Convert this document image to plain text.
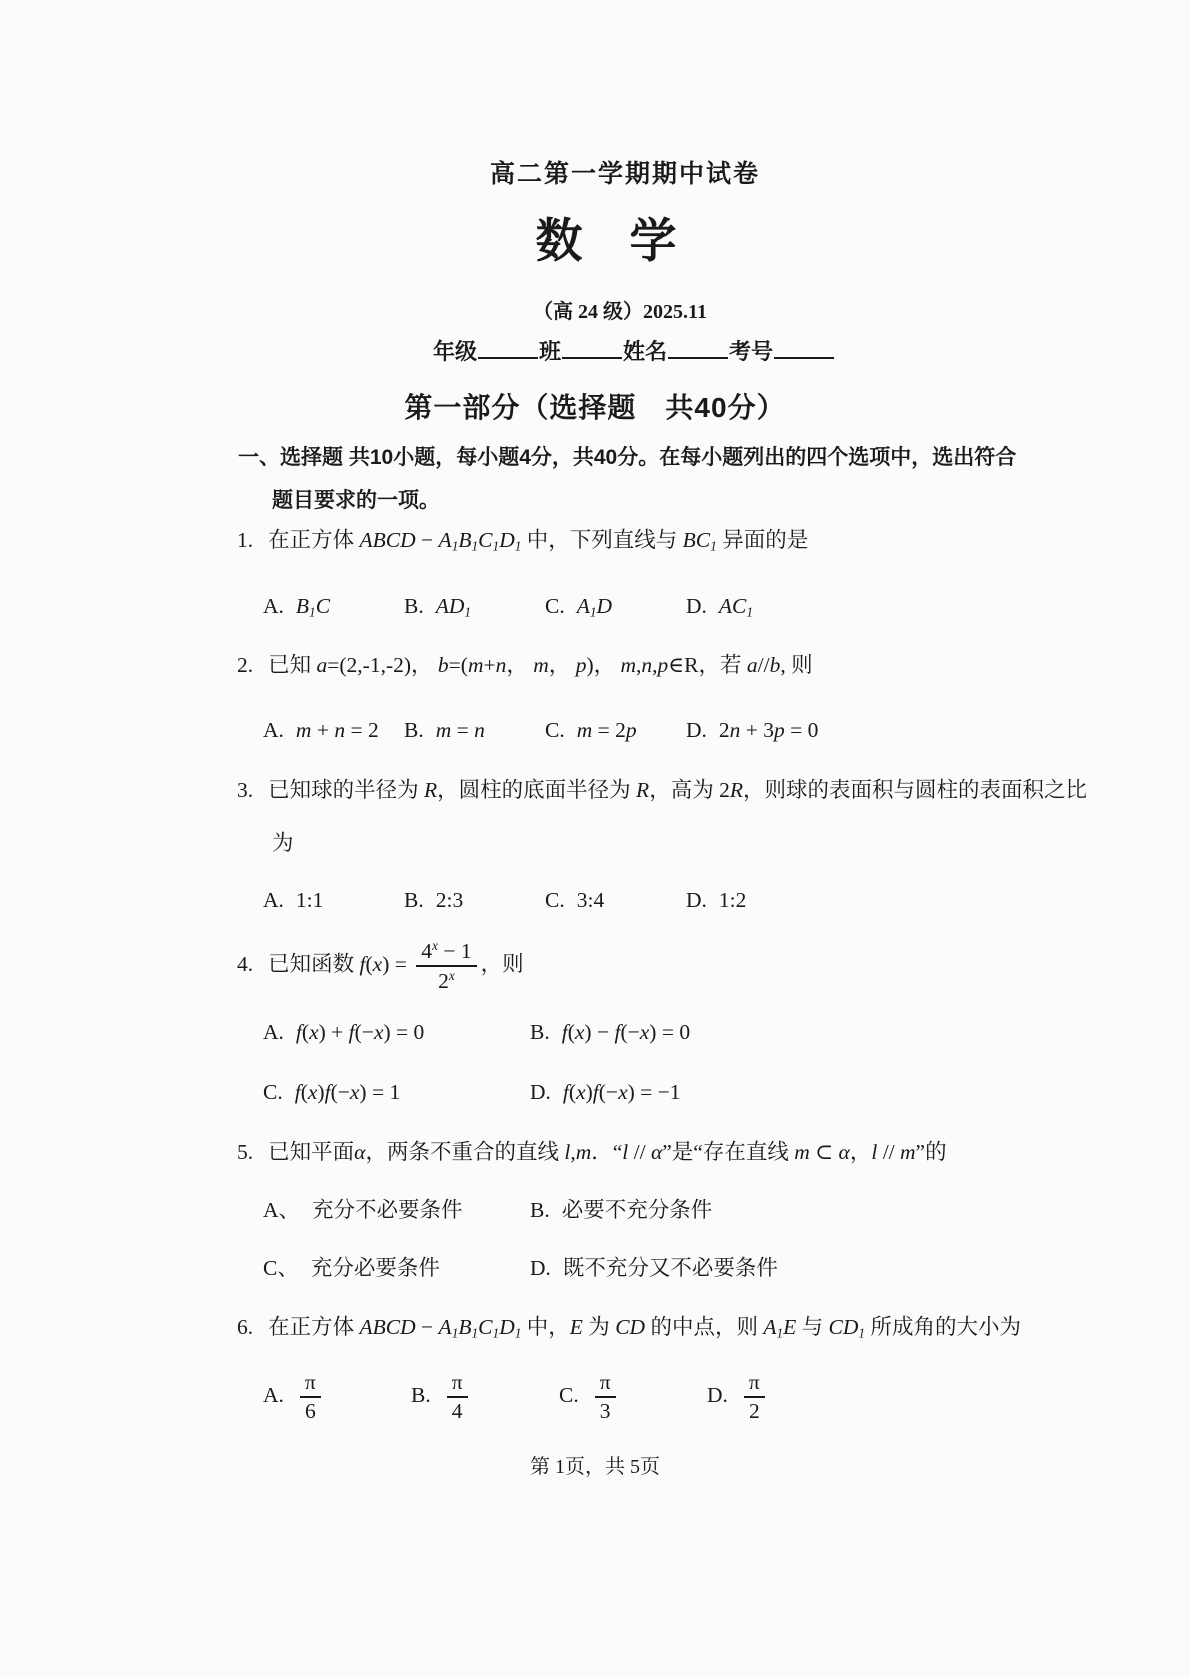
高二第一学期期中试卷
数　学
（高 24 级）2025.11
年级	班	姓名	考号
第一部分（选择题　共40分）
一、选择题 共10小题，每小题4分，共40分。在每小题列出的四个选项中，选出符合
题目要求的一项。
1. 在正方体 ABCD − $A_1B_1C_1D_1$ 中，下列直线与 $BC_1$ 异面的是
A. $B_1C$	B. $AD_1$	C. $A_1D$	D. $AC_1$
2. 已知 a=(2,-1,-2)， b=(m+n， m， p)， m,n,p∈R，若 a//b, 则
A. m + n = 2 B. m = n	C. m = 2p D. 2n + 3p = 0
3. 已知球的半径为 R，圆柱的底面半径为 R，高为 2R，则球的表面积与圆柱的表面积之比
为
A. 1:1	B. 2:3	C. 3:4	D. 1:2
4. 已知函数 $f(x) = \frac{4^x - 1}{2^x}$ ，则
A. f(x) + f(−x) = 0	B. f(x) − f(−x) = 0
C. f(x)f(−x) = 1	D. f(x)f(−x) = −1
5. 已知平面α，两条不重合的直线 l,m．“l // α”是“存在直线 m ⊂ α，l // m”的
A、 充分不必要条件	B. 必要不充分条件
C、 充分必要条件	D. 既不充分又不必要条件
6. 在正方体 ABCD − $A_1B_1C_1D_1$ 中，E 为 CD 的中点，则 $A_1E$ 与 $CD_1$ 所成角的大小为
A. $\frac{\pi}{6}$	B. $\frac{\pi}{4}$	C. $\frac{\pi}{3}$	D. $\frac{\pi}{2}$
第 1页，共 5页
